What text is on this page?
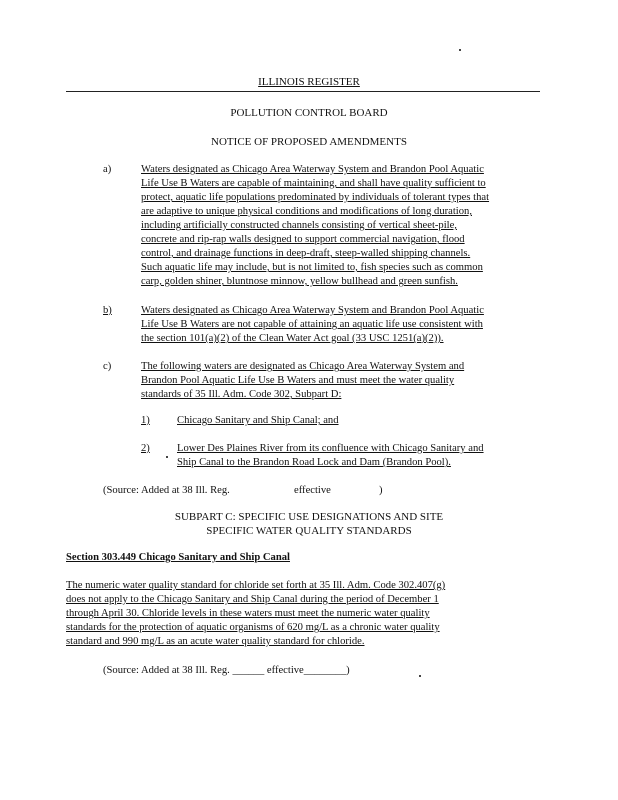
ILLINOIS REGISTER
POLLUTION CONTROL BOARD
NOTICE OF PROPOSED AMENDMENTS
a)	Waters designated as Chicago Area Waterway System and Brandon Pool Aquatic
Life Use B Waters are capable of maintaining, and shall have quality sufficient to
protect, aquatic life populations predominated by individuals of tolerant types that
are adaptive to unique physical conditions and modifications of long duration,
including artificially constructed channels consisting of vertical sheet-pile,
concrete and rip-rap walls designed to support commercial navigation, flood
control, and drainage functions in deep-draft, steep-walled shipping channels.
Such aquatic life may include, but is not limited to, fish species such as common
carp, golden shiner, bluntnose minnow, yellow bullhead and green sunfish.
b)	Waters designated as Chicago Area Waterway System and Brandon Pool Aquatic
Life Use B Waters are not capable of attaining an aquatic life use consistent with
the section 101(a)(2) of the Clean Water Act goal (33 USC 1251(a)(2)).
c)	The following waters are designated as Chicago Area Waterway System and
Brandon Pool Aquatic Life Use B Waters and must meet the water quality
standards of 35 Ill. Adm. Code 302, Subpart D:
1)	Chicago Sanitary and Ship Canal; and
2)	Lower Des Plaines River from its confluence with Chicago Sanitary and
Ship Canal to the Brandon Road Lock and Dam (Brandon Pool).
(Source: Added at 38 Ill. Reg.	effective	)
SUBPART C: SPECIFIC USE DESIGNATIONS AND SITE
SPECIFIC WATER QUALITY STANDARDS
Section 303.449 Chicago Sanitary and Ship Canal
The numeric water quality standard for chloride set forth at 35 Ill. Adm. Code 302.407(g)
does not apply to the Chicago Sanitary and Ship Canal during the period of December 1
through April 30. Chloride levels in these waters must meet the numeric water quality
standards for the protection of aquatic organisms of 620 mg/L as a chronic water quality
standard and 990 mg/L as an acute water quality standard for chloride.
(Source: Added at 38 Ill. Reg. ______ effective________)
